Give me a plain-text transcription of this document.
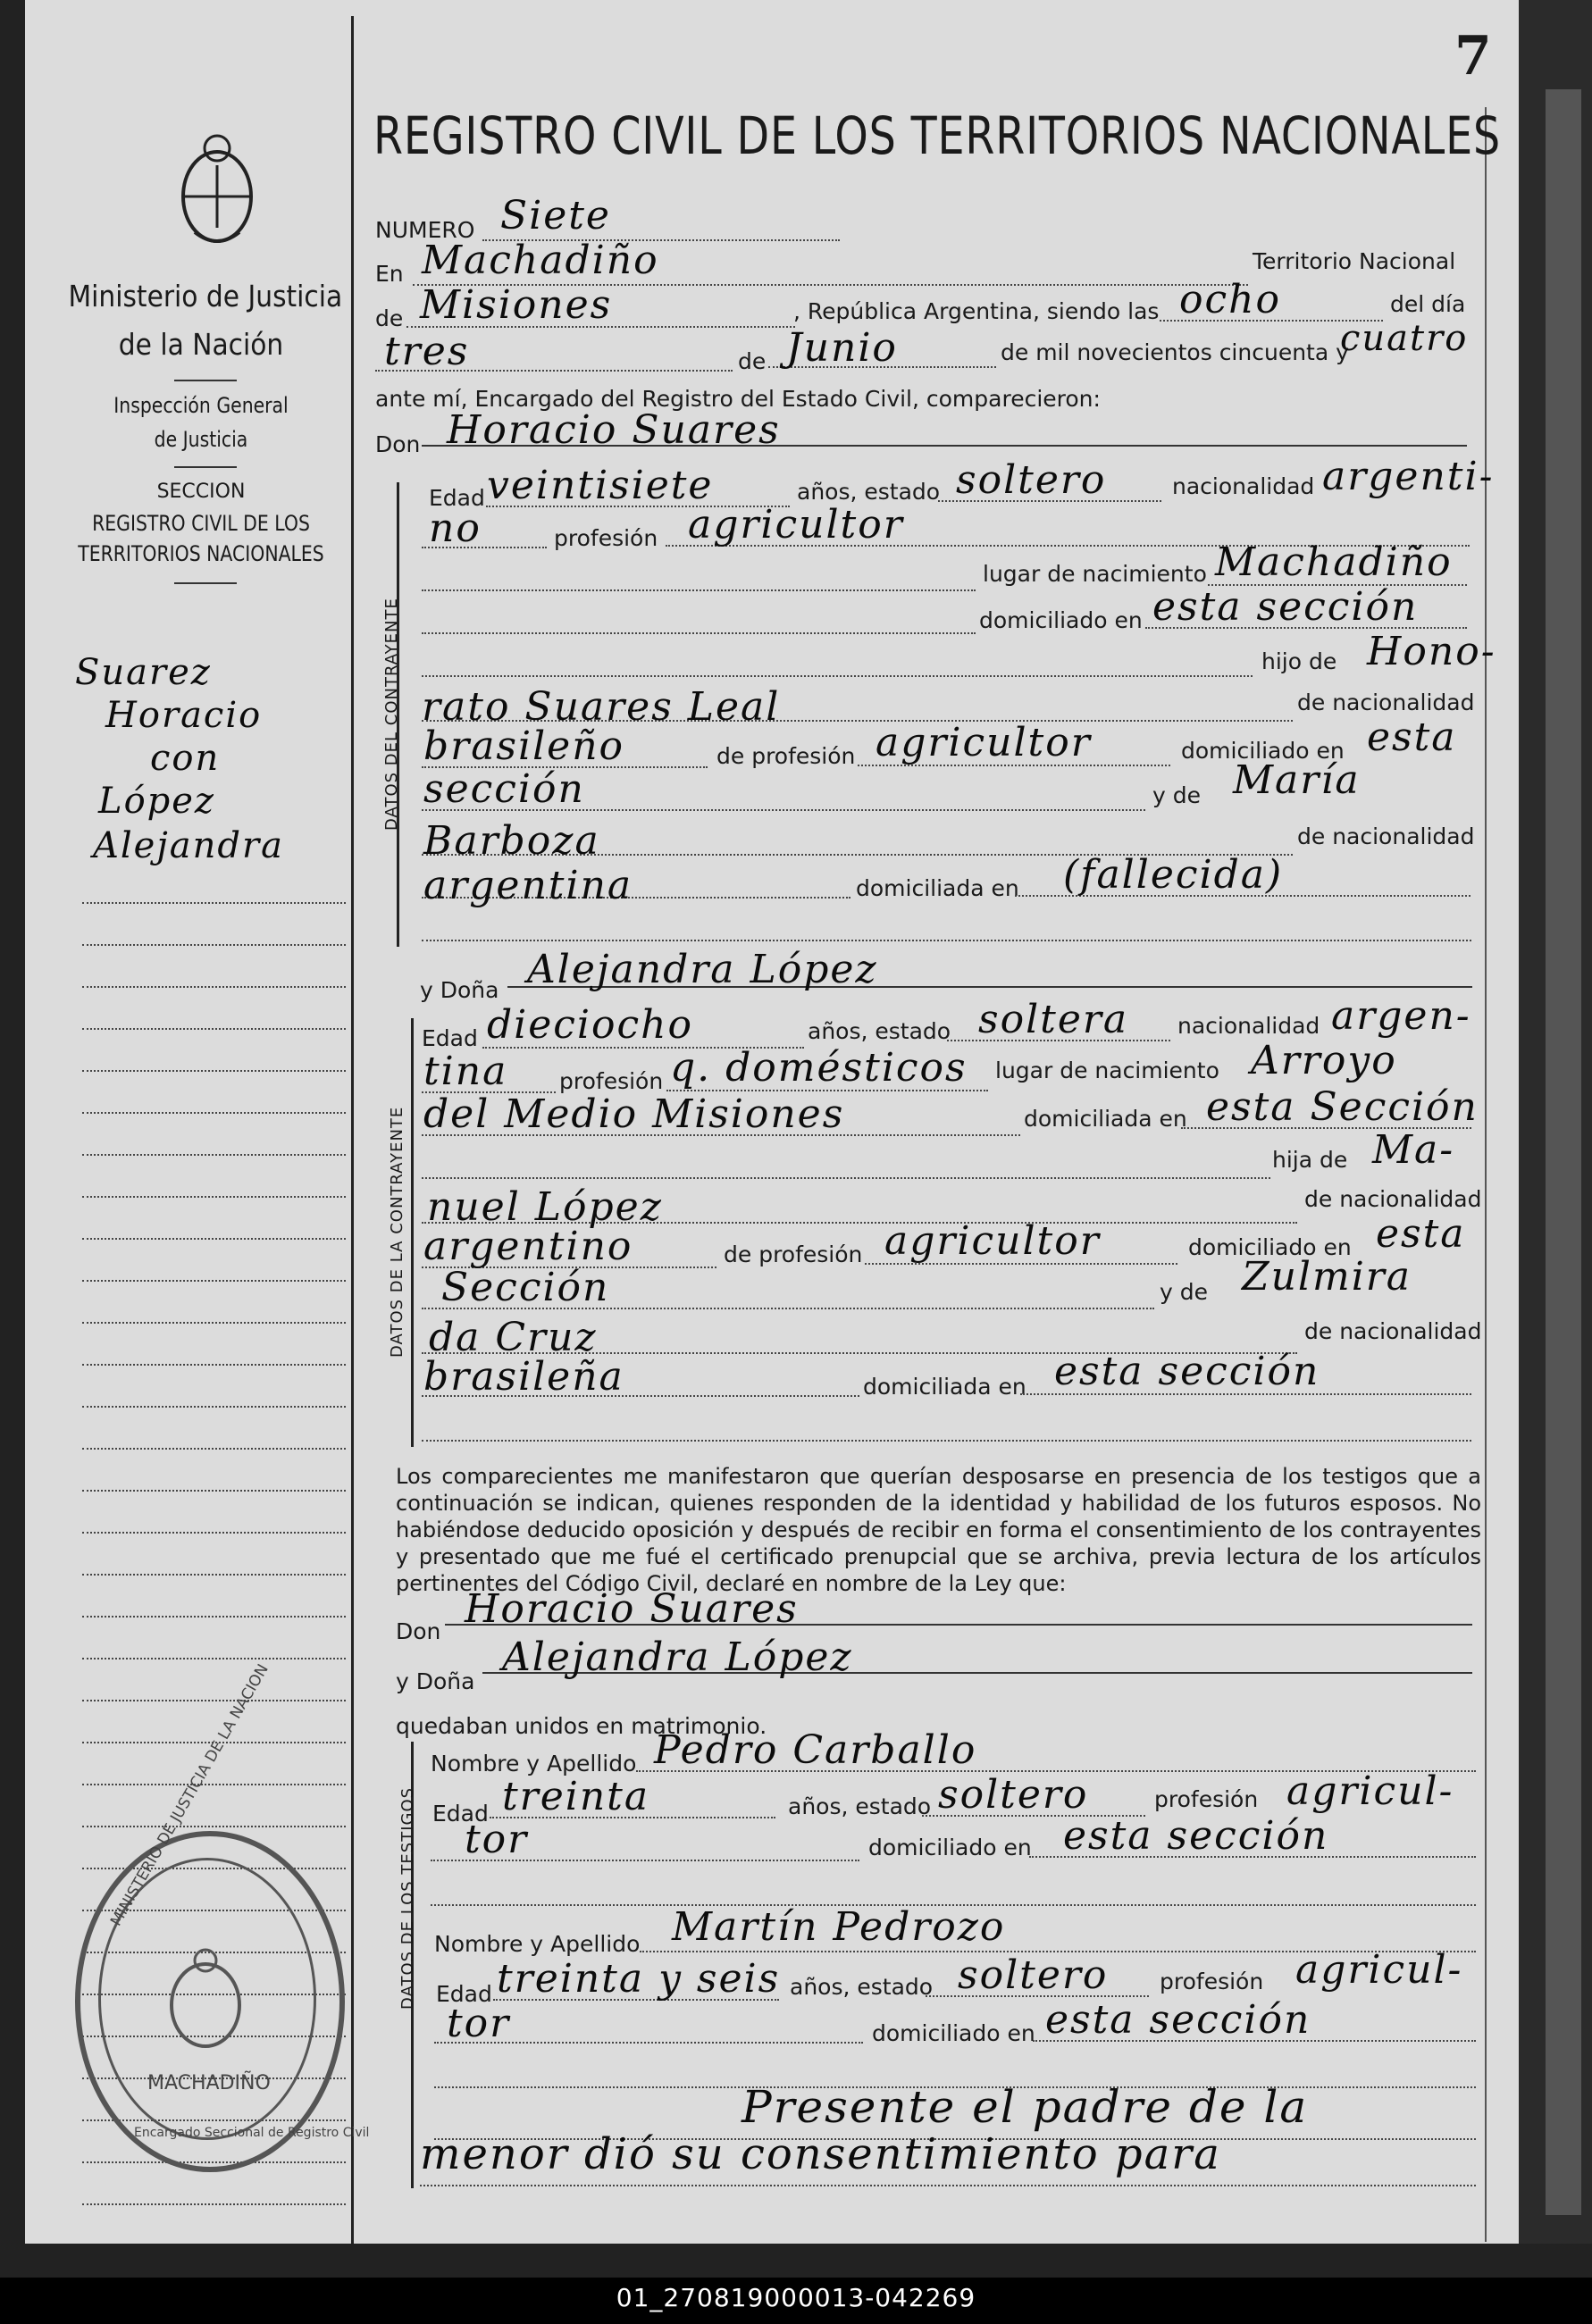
7
REGISTRO CIVIL DE LOS TERRITORIOS NACIONALES
Ministerio de Justicia
de la Nación
Inspección General
de Justicia
SECCION
REGISTRO CIVIL DE LOS
TERRITORIOS NACIONALES
Suarez
Horacio
con
López
Alejandra
MINISTERIO DE JUSTICIA DE LA NACION
MACHADIÑO
Encargado Seccional de Registro Civil
NUMERO Siete
En Machadiño	Territorio Nacional
de Misiones	, República Argentina, siendo las ocho	del día
tres	de Junio	de mil novecientos cincuenta y
cuatro
ante mí, Encargado del Registro del Estado Civil, comparecieron:
Don Horacio Suares
DATOS DEL CONTRAYENTE
Edad veintisiete	años, estado soltero	nacionalidad argenti-
no	profesión agricultor
lugar de nacimiento Machadiño
domiciliado en esta sección
hijo de Hono-
rato Suares Leal	de nacionalidad
brasileño	de profesión agricultor	domiciliado en esta
sección	y de María
Barboza	de nacionalidad
argentina	domiciliada en (fallecida)
y Doña Alejandra López
DATOS DE LA CONTRAYENTE
Edad dieciocho	años, estado soltera nacionalidad argen-
tina profesión q. domésticos lugar de nacimiento Arroyo
del Medio Misiones	domiciliada en esta Sección
hija de Ma-
nuel López	de nacionalidad
argentino	de profesión agricultor	domiciliado en esta
Sección	y de Zulmira
da Cruz	de nacionalidad
brasileña	domiciliada en esta sección
Los comparecientes me manifestaron que querían desposarse en presencia de los testigos que a continuación se indican, quienes responden de la identidad y habilidad de los futuros esposos. No habiéndose deducido oposición y después de recibir en forma el consentimiento de los contrayentes y presentado que me fué el certificado prenupcial que se archiva, previa lectura de los artículos pertinentes del Código Civil, declaré en nombre de la Ley que:
Don Horacio Suares
y Doña
Alejandra López
quedaban unidos en matrimonio.
DATOS DE LOS TESTIGOS
Nombre y Apellido Pedro Carballo
Edad treinta	años, estado soltero	profesión agricul-
tor	domiciliado en esta sección
Nombre y Apellido Martín Pedrozo
Edad treinta y seis años, estado soltero profesión agricul-
tor	domiciliado en esta sección
Presente el padre de la
menor dió su consentimiento para
01_270819000013-042269
